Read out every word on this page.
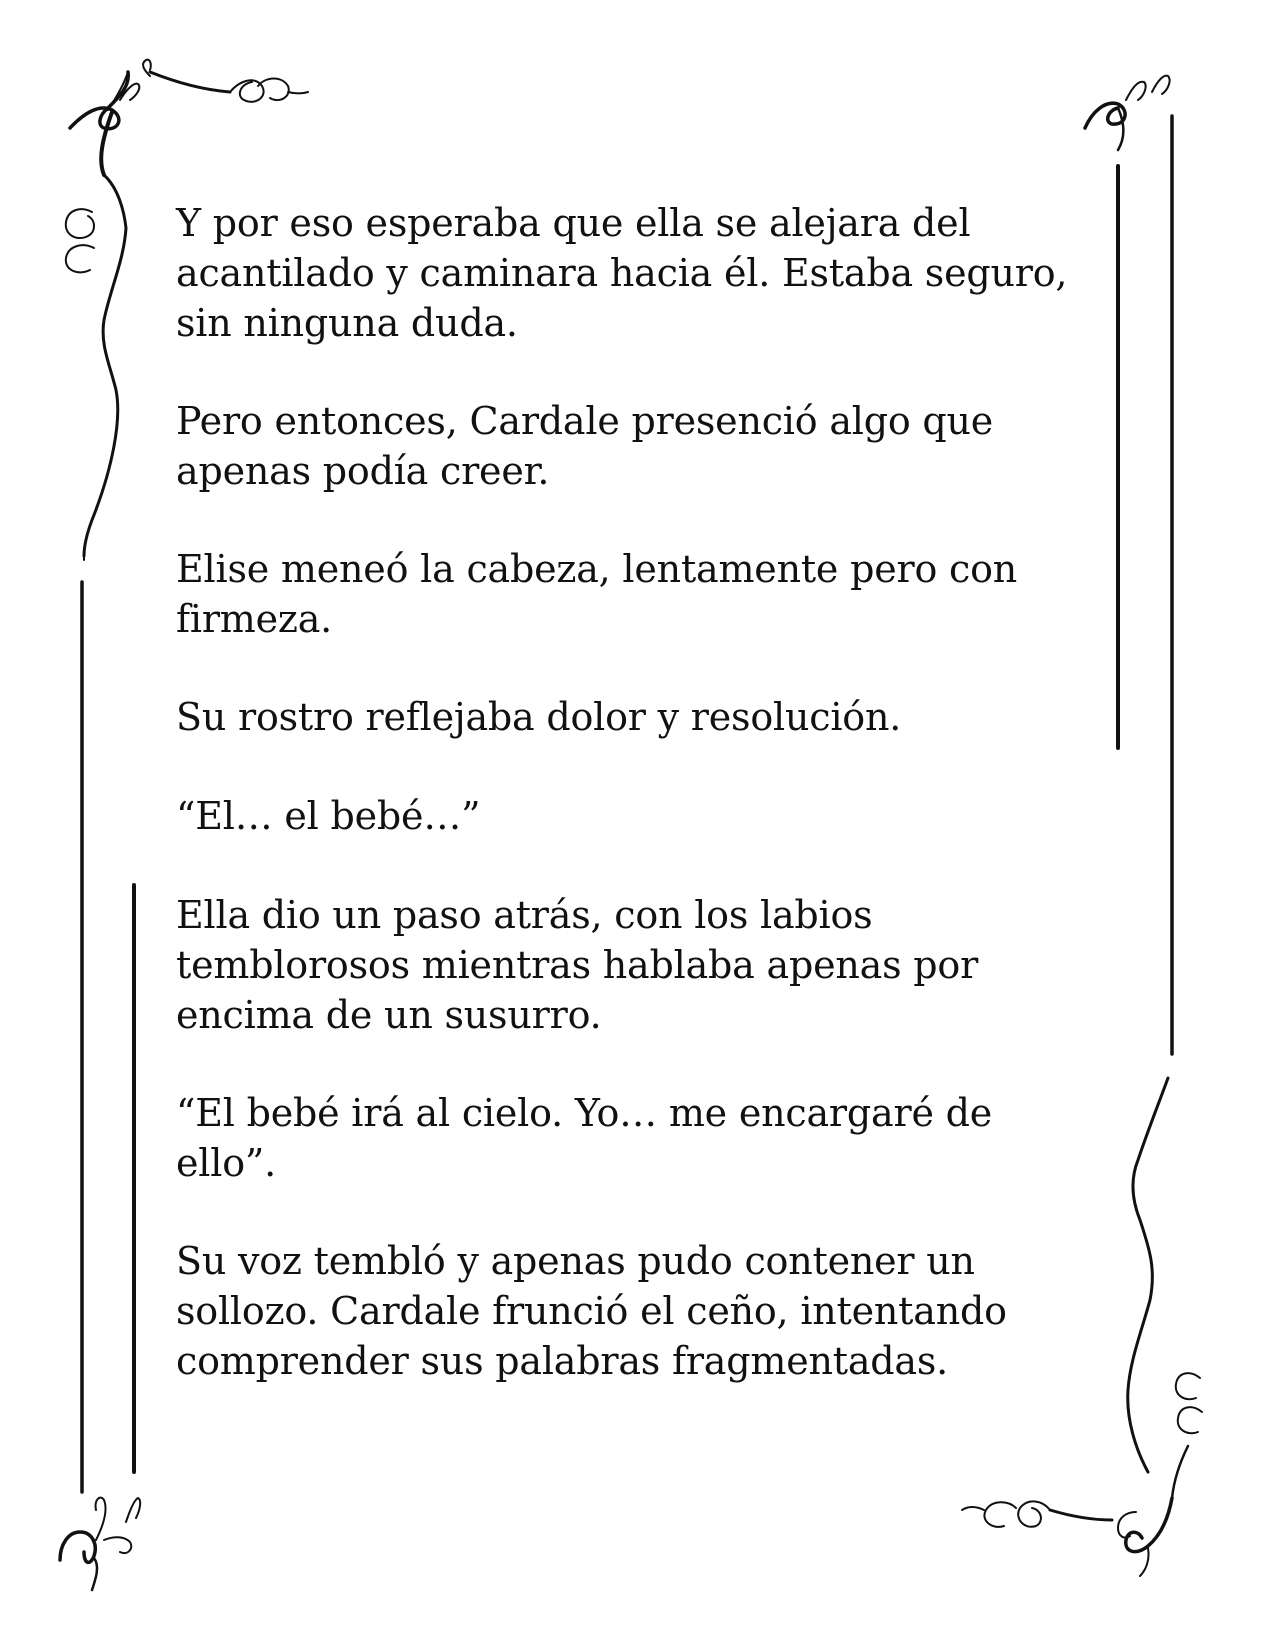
Y por eso esperaba que ella se alejara del
acantilado y caminara hacia él. Estaba seguro,
sin ninguna duda.

Pero entonces, Cardale presenció algo que
apenas podía creer.

Elise meneó la cabeza, lentamente pero con
firmeza.

Su rostro reflejaba dolor y resolución.

“El… el bebé…”

Ella dio un paso atrás, con los labios
temblorosos mientras hablaba apenas por
encima de un susurro.

“El bebé irá al cielo. Yo… me encargaré de
ello”.

Su voz tembló y apenas pudo contener un
sollozo. Cardale frunció el ceño, intentando
comprender sus palabras fragmentadas.
